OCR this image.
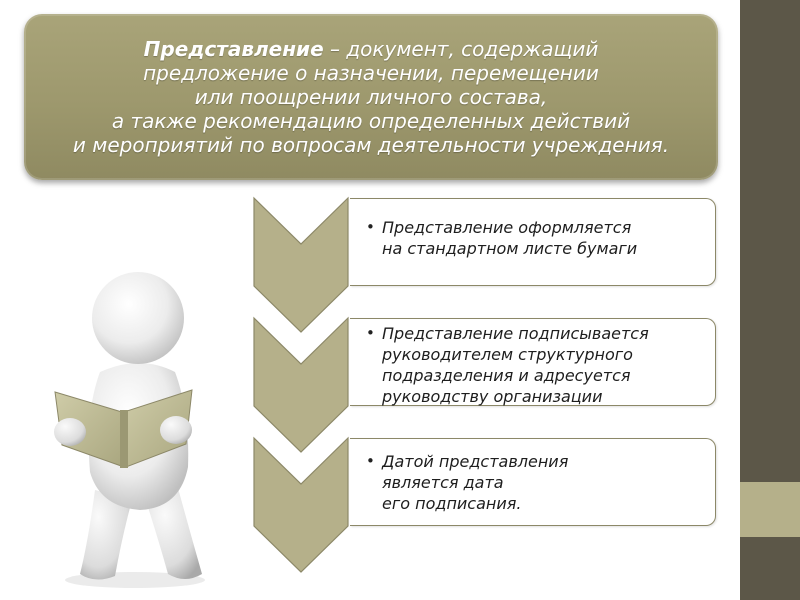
Представление – документ, содержащий
предложение о назначении, перемещении
или поощрении личного состава,
а также рекомендацию определенных действий
и мероприятий по вопросам деятельности учреждения.

• Представление оформляется
на стандартном листе бумаги

• Представление подписывается
руководителем структурного
подразделения и адресуется
руководству организации

• Датой представления
является дата
его подписания.
